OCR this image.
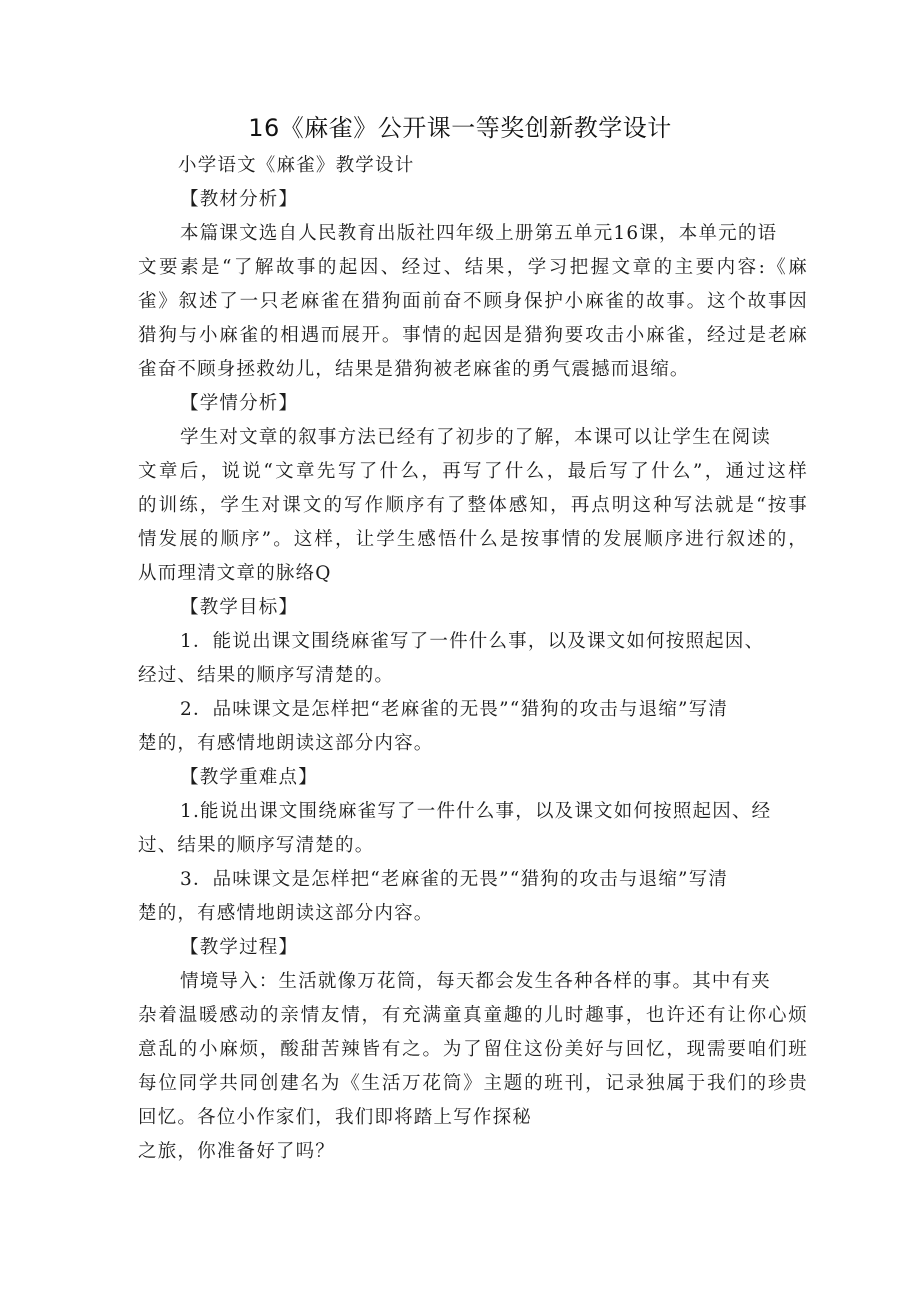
16《麻雀》公开课一等奖创新教学设计
小学语文《麻雀》教学设计
【教材分析】
本篇课文选自人民教育出版社四年级上册第五单元16课，本单元的语
文要素是“了解故事的起因、经过、结果，学习把握文章的主要内容:《麻
雀》叙述了一只老麻雀在猎狗面前奋不顾身保护小麻雀的故事。这个故事因
猎狗与小麻雀的相遇而展开。事情的起因是猎狗要攻击小麻雀，经过是老麻
雀奋不顾身拯救幼儿，结果是猎狗被老麻雀的勇气震撼而退缩。
【学情分析】
学生对文章的叙事方法已经有了初步的了解，本课可以让学生在阅读
文章后，说说“文章先写了什么，再写了什么，最后写了什么”，通过这样
的训练，学生对课文的写作顺序有了整体感知，再点明这种写法就是“按事
情发展的顺序”。这样，让学生感悟什么是按事情的发展顺序进行叙述的，
从而理清文章的脉络Q
【教学目标】
1．能说出课文围绕麻雀写了一件什么事，以及课文如何按照起因、
经过、结果的顺序写清楚的。
2．品味课文是怎样把“老麻雀的无畏”“猎狗的攻击与退缩”写清
楚的，有感情地朗读这部分内容。
【教学重难点】
1.能说出课文围绕麻雀写了一件什么事，以及课文如何按照起因、经
过、结果的顺序写清楚的。
3．品味课文是怎样把“老麻雀的无畏”“猎狗的攻击与退缩”写清
楚的，有感情地朗读这部分内容。
【教学过程】
情境导入：生活就像万花筒，每天都会发生各种各样的事。其中有夹
杂着温暖感动的亲情友情，有充满童真童趣的儿时趣事，也许还有让你心烦
意乱的小麻烦，酸甜苦辣皆有之。为了留住这份美好与回忆，现需要咱们班
每位同学共同创建名为《生活万花筒》主题的班刊，记录独属于我们的珍贵
回忆。各位小作家们，我们即将踏上写作探秘
之旅，你准备好了吗？
